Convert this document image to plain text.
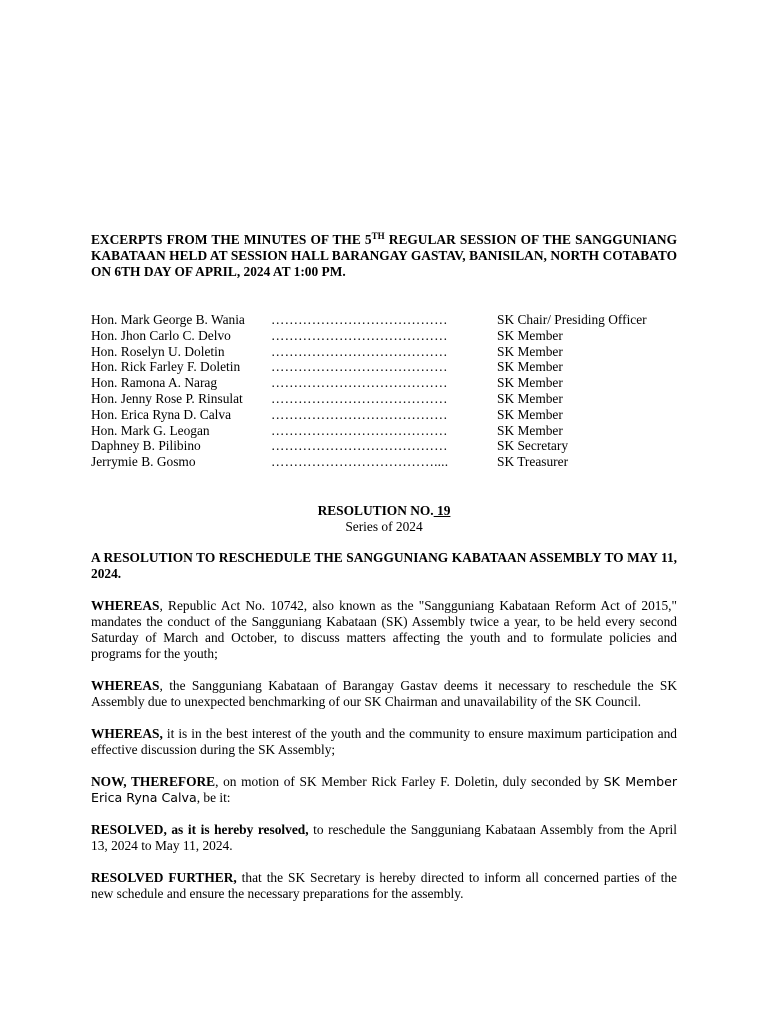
EXCERPTS FROM THE MINUTES OF THE 5TH REGULAR SESSION OF THE SANGGUNIANG KABATAAN HELD AT SESSION HALL BARANGAY GASTAV, BANISILAN, NORTH COTABATO ON 6TH DAY OF APRIL, 2024 AT 1:00 PM.

Hon. Mark George B. Wania	…………………………………	SK Chair/ Presiding Officer
Hon. Jhon Carlo C. Delvo	…………………………………	SK Member
Hon. Roselyn U. Doletin	…………………………………	SK Member
Hon. Rick Farley F. Doletin	…………………………………	SK Member
Hon. Ramona A. Narag	…………………………………	SK Member
Hon. Jenny Rose P. Rinsulat	…………………………………	SK Member
Hon. Erica Ryna D. Calva	…………………………………	SK Member
Hon. Mark G. Leogan	…………………………………	SK Member
Daphney B. Pilibino	…………………………………	SK Secretary
Jerrymie B. Gosmo	………………………………....	SK Treasurer
RESOLUTION NO. 19
Series of 2024
A RESOLUTION TO RESCHEDULE THE SANGGUNIANG KABATAAN ASSEMBLY TO MAY 11, 2024.
WHEREAS, Republic Act No. 10742, also known as the "Sangguniang Kabataan Reform Act of 2015," mandates the conduct of the Sangguniang Kabataan (SK) Assembly twice a year, to be held every second Saturday of March and October, to discuss matters affecting the youth and to formulate policies and programs for the youth;
WHEREAS, the Sangguniang Kabataan of Barangay Gastav deems it necessary to reschedule the SK Assembly due to unexpected benchmarking of our SK Chairman and unavailability of the SK Council.
WHEREAS, it is in the best interest of the youth and the community to ensure maximum participation and effective discussion during the SK Assembly;
NOW, THEREFORE, on motion of SK Member Rick Farley F. Doletin, duly seconded by SK Member Erica Ryna Calva, be it:
RESOLVED, as it is hereby resolved, to reschedule the Sangguniang Kabataan Assembly from the April 13, 2024 to May 11, 2024.
RESOLVED FURTHER, that the SK Secretary is hereby directed to inform all concerned parties of the new schedule and ensure the necessary preparations for the assembly.
